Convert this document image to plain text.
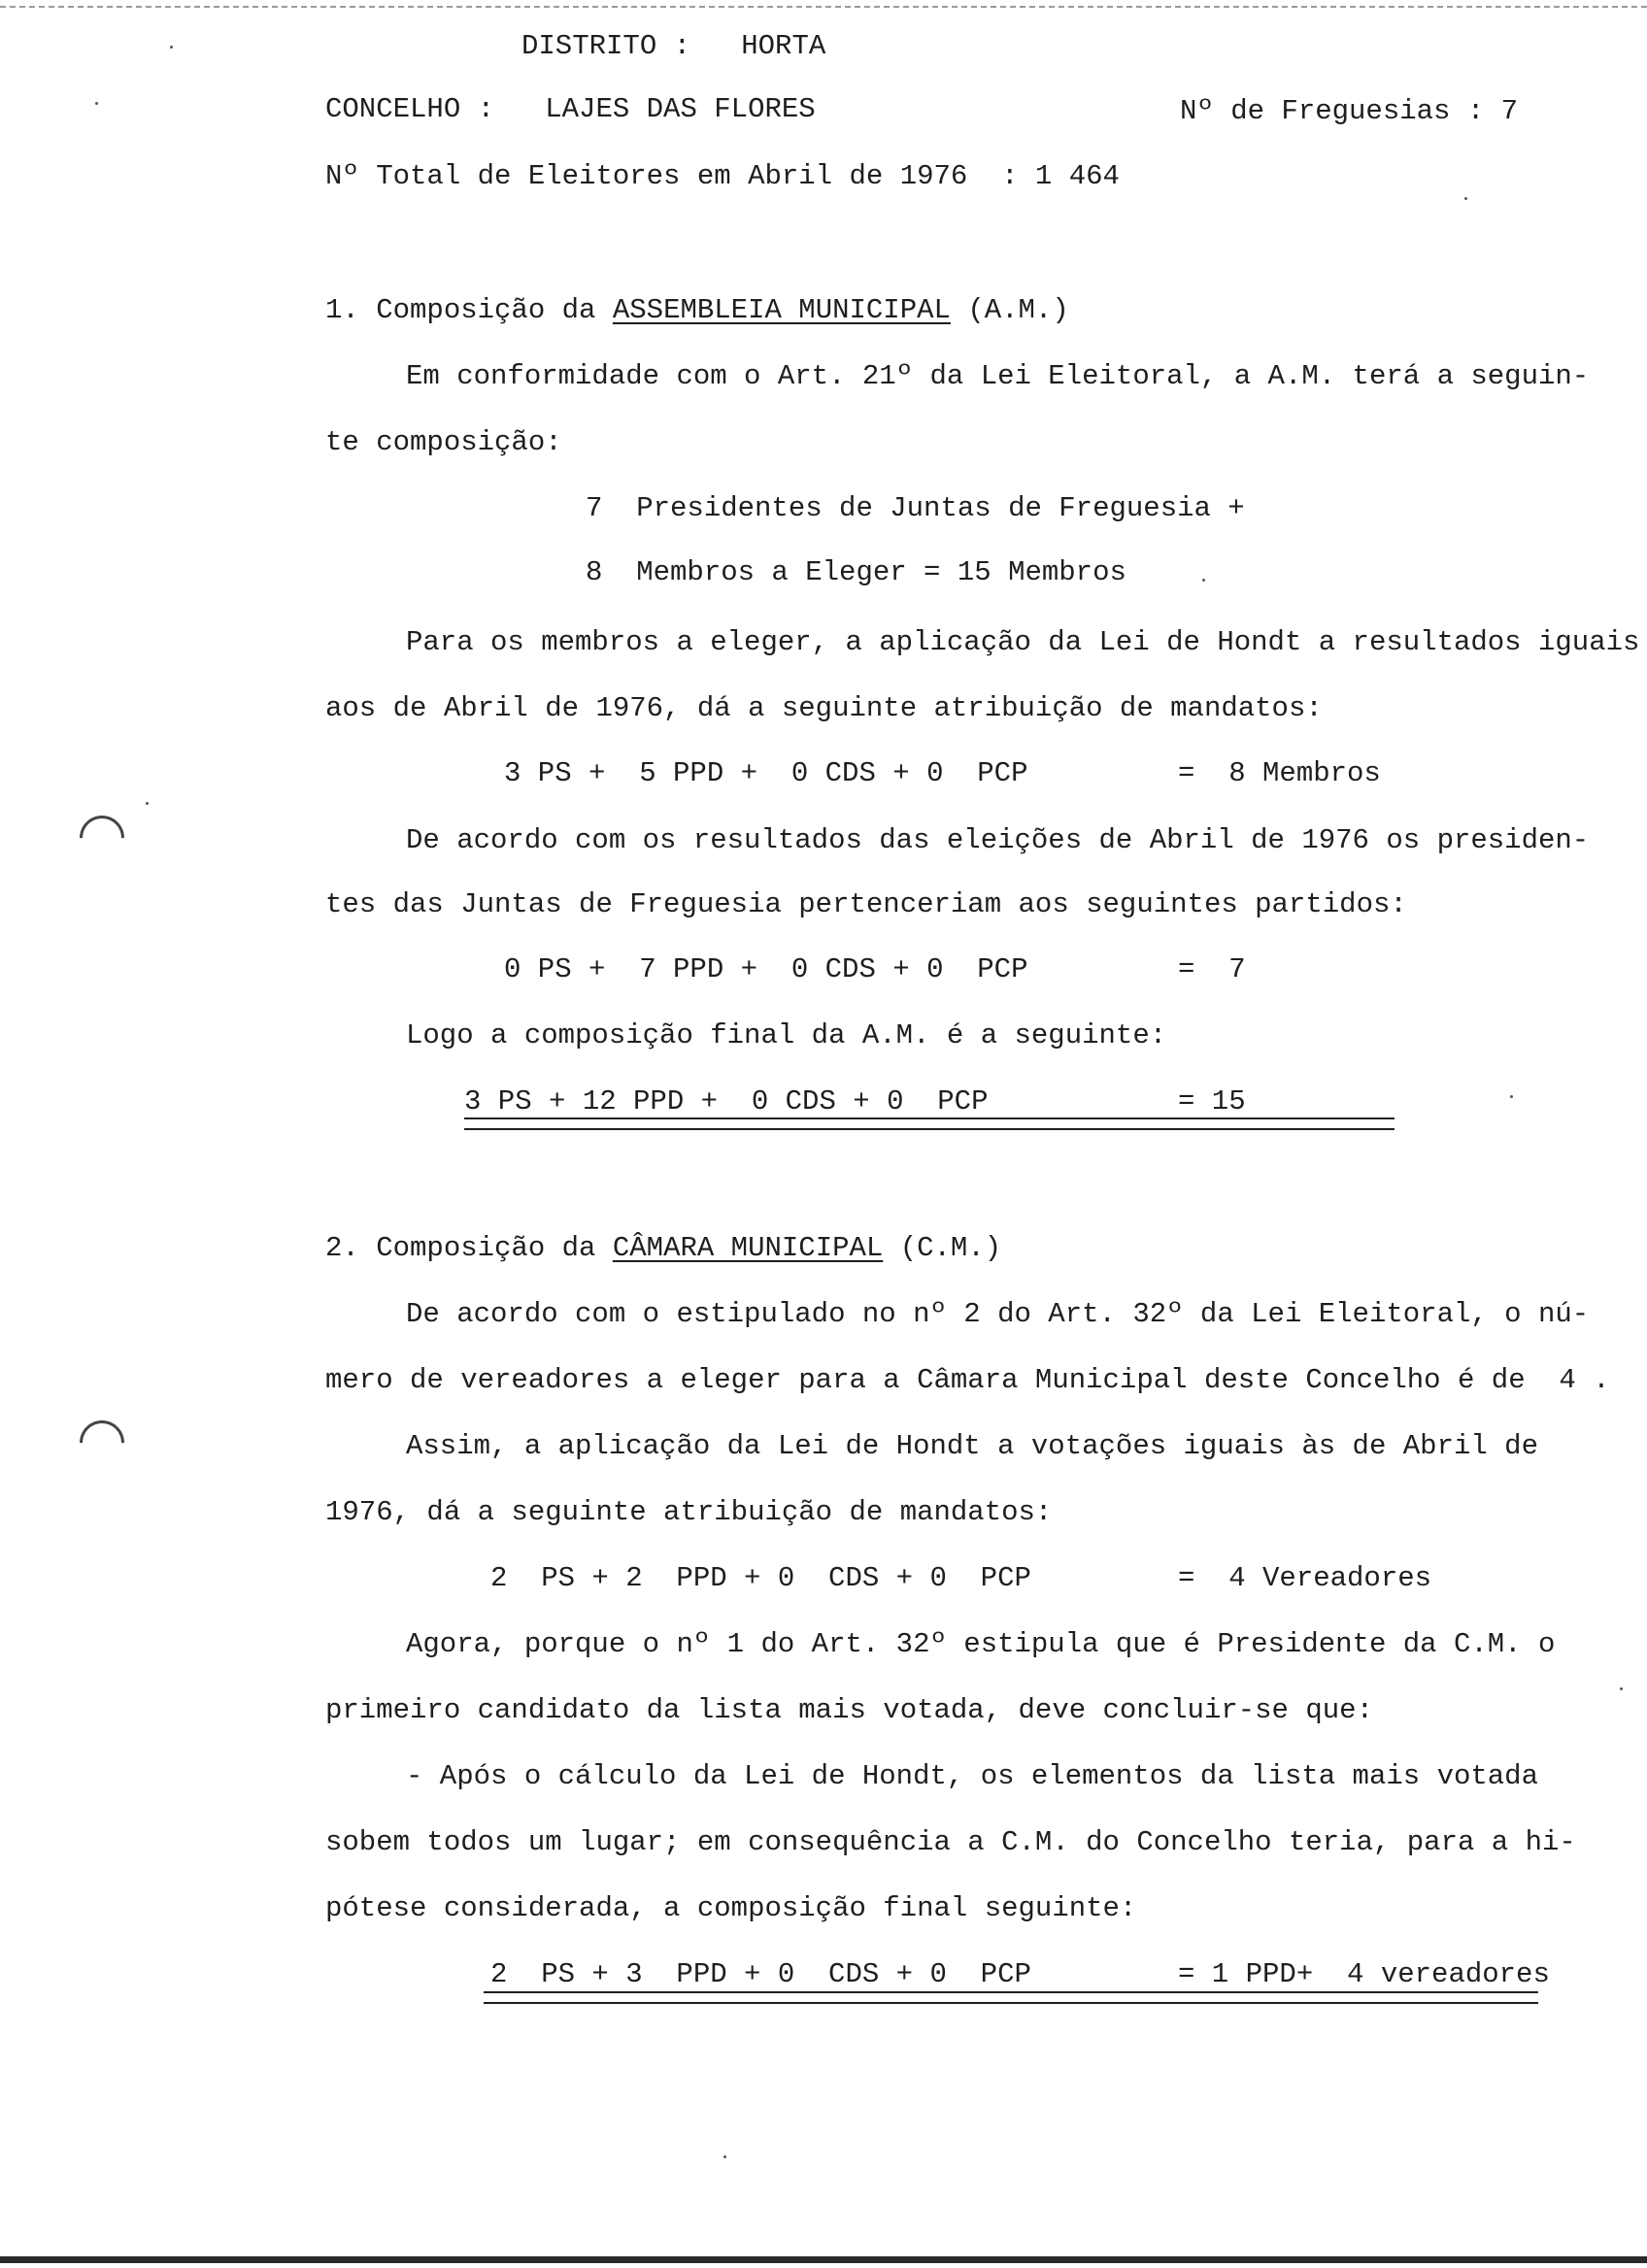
DISTRITO :   HORTA
CONCELHO :   LAJES DAS FLORES	Nº de Freguesias : 7
Nº Total de Eleitores em Abril de 1976  : 1 464
1. Composição da ASSEMBLEIA MUNICIPAL (A.M.)
Em conformidade com o Art. 21º da Lei Eleitoral, a A.M. terá a seguin-
te composição:
7  Presidentes de Juntas de Freguesia +
8  Membros a Eleger = 15 Membros
Para os membros a eleger, a aplicação da Lei de Hondt a resultados iguais
aos de Abril de 1976, dá a seguinte atribuição de mandatos:
3 PS +  5 PPD +  0 CDS + 0  PCP	=  8 Membros
De acordo com os resultados das eleições de Abril de 1976 os presiden-
tes das Juntas de Freguesia pertenceriam aos seguintes partidos:
0 PS +  7 PPD +  0 CDS + 0  PCP	=  7
Logo a composição final da A.M. é a seguinte:
3 PS + 12 PPD +  0 CDS + 0  PCP	= 15
2. Composição da CÂMARA MUNICIPAL (C.M.)
De acordo com o estipulado no nº 2 do Art. 32º da Lei Eleitoral, o nú-
mero de vereadores a eleger para a Câmara Municipal deste Concelho é de  4 .
Assim, a aplicação da Lei de Hondt a votações iguais às de Abril de
1976, dá a seguinte atribuição de mandatos:
2  PS + 2  PPD + 0  CDS + 0  PCP	=  4 Vereadores
Agora, porque o nº 1 do Art. 32º estipula que é Presidente da C.M. o
primeiro candidato da lista mais votada, deve concluir-se que:
- Após o cálculo da Lei de Hondt, os elementos da lista mais votada
sobem todos um lugar; em consequência a C.M. do Concelho teria, para a hi-
pótese considerada, a composição final seguinte:
2  PS + 3  PPD + 0  CDS + 0  PCP	= 1 PPD+  4 vereadores
